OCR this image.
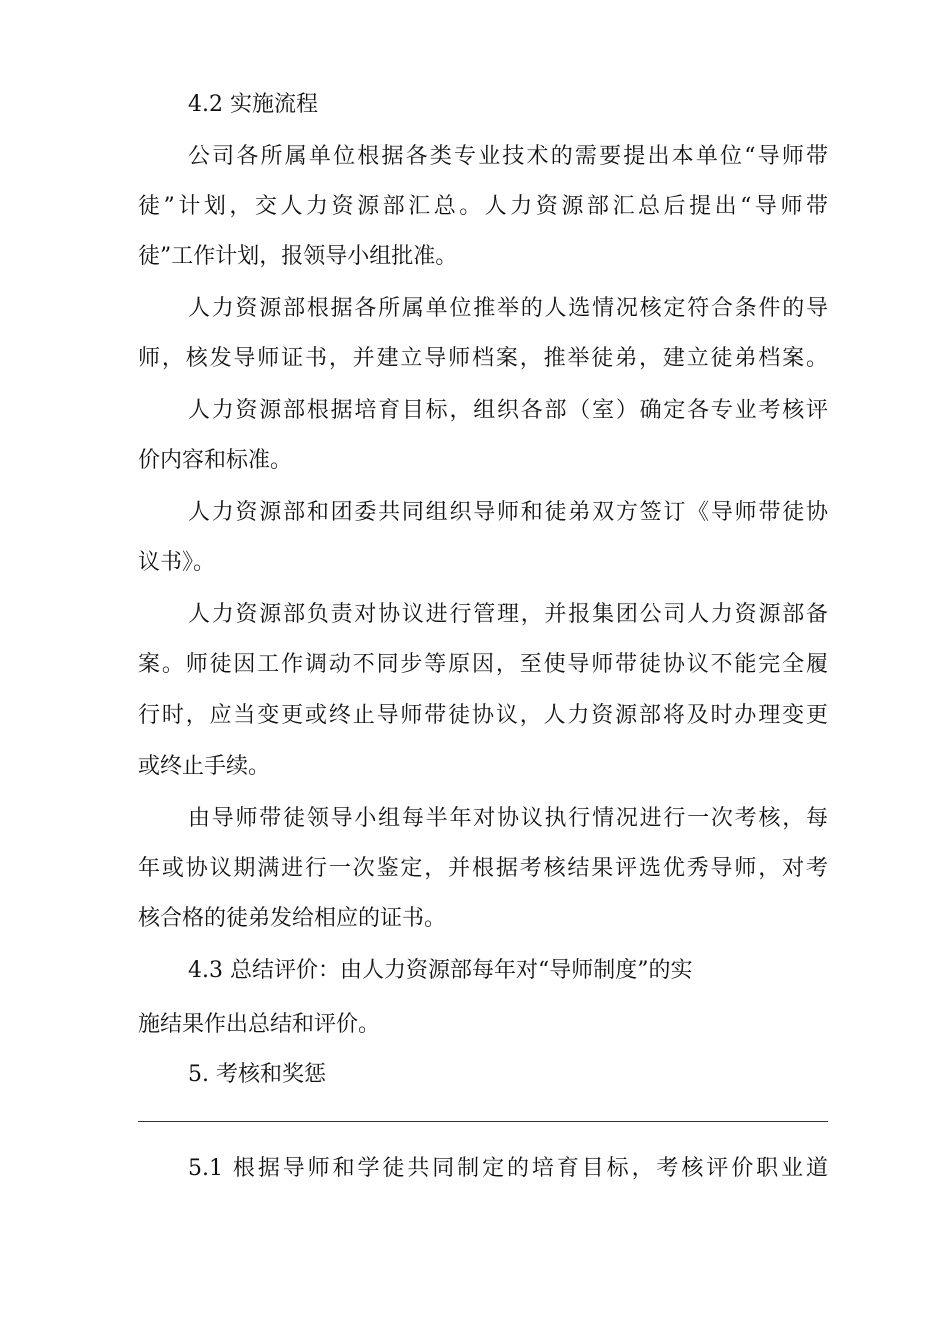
4.2 实施流程

公司各所属单位根据各类专业技术的需要提出本单位“导师带

徒”计划，交人力资源部汇总。人力资源部汇总后提出“导师带

徒”工作计划，报领导小组批准。

人力资源部根据各所属单位推举的人选情况核定符合条件的导

师，核发导师证书，并建立导师档案，推举徒弟，建立徒弟档案。

人力资源部根据培育目标，组织各部（室）确定各专业考核评

价内容和标准。

人力资源部和团委共同组织导师和徒弟双方签订《导师带徒协

议书》。

人力资源部负责对协议进行管理，并报集团公司人力资源部备

案。师徒因工作调动不同步等原因，至使导师带徒协议不能完全履

行时，应当变更或终止导师带徒协议，人力资源部将及时办理变更

或终止手续。

由导师带徒领导小组每半年对协议执行情况进行一次考核，每

年或协议期满进行一次鉴定，并根据考核结果评选优秀导师，对考

核合格的徒弟发给相应的证书。

4.3 总结评价：由人力资源部每年对“导师制度”的实

施结果作出总结和评价。

5. 考核和奖惩

5.1 根据导师和学徒共同制定的培育目标，考核评价职业道
